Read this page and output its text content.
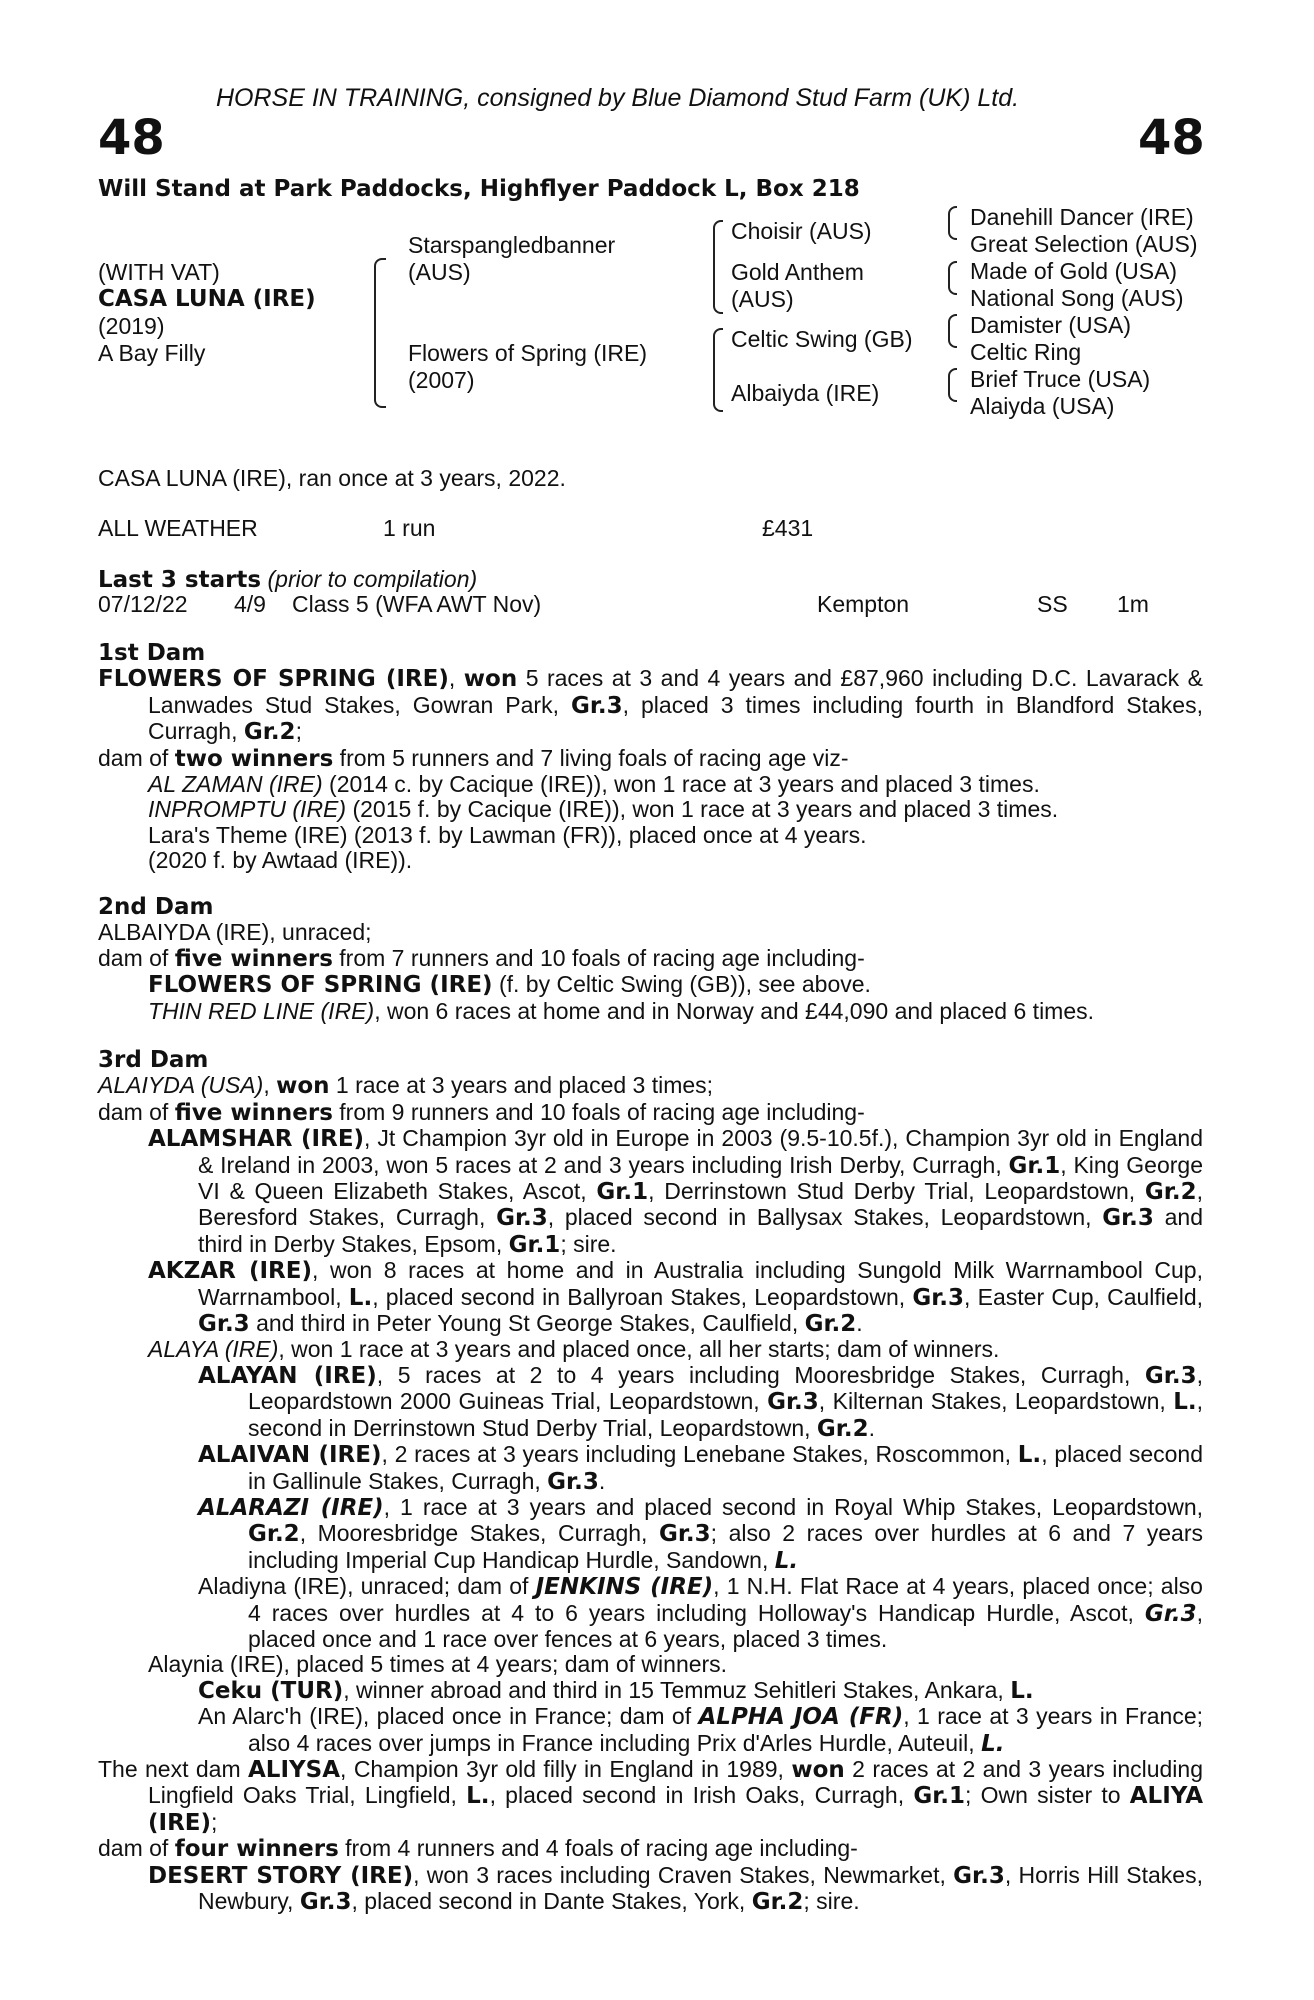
HORSE IN TRAINING, consigned by Blue Diamond Stud Farm (UK) Ltd.
48	48
Will Stand at Park Paddocks, Highflyer Paddock L, Box 218
(WITH VAT)
CASA LUNA (IRE)
(2019)
A Bay Filly
Starspangledbanner
(AUS)
Flowers of Spring (IRE)
(2007)
Choisir (AUS)
Gold Anthem
(AUS)
Celtic Swing (GB)
Albaiyda (IRE)
Danehill Dancer (IRE)
Great Selection (AUS)
Made of Gold (USA)
National Song (AUS)
Damister (USA)
Celtic Ring
Brief Truce (USA)
Alaiyda (USA)
CASA LUNA (IRE), ran once at 3 years, 2022.
ALL WEATHER	1 run	£431
Last 3 starts (prior to compilation)
07/12/22 4/9 Class 5 (WFA AWT Nov)	Kempton	SS 1m

1st Dam

FLOWERS OF SPRING (IRE), won 5 races at 3 and 4 years and £87,960 including D.C. Lavarack & Lanwades Stud Stakes, Gowran Park, Gr.3, placed 3 times including fourth in Blandford Stakes, Curragh, Gr.2;

dam of two winners from 5 runners and 7 living foals of racing age viz-

AL ZAMAN (IRE) (2014 c. by Cacique (IRE)), won 1 race at 3 years and placed 3 times.

INPROMPTU (IRE) (2015 f. by Cacique (IRE)), won 1 race at 3 years and placed 3 times.

Lara's Theme (IRE) (2013 f. by Lawman (FR)), placed once at 4 years.

(2020 f. by Awtaad (IRE)).

2nd Dam

ALBAIYDA (IRE), unraced;

dam of five winners from 7 runners and 10 foals of racing age including-

FLOWERS OF SPRING (IRE) (f. by Celtic Swing (GB)), see above.

THIN RED LINE (IRE), won 6 races at home and in Norway and £44,090 and placed 6 times.

3rd Dam

ALAIYDA (USA), won 1 race at 3 years and placed 3 times;

dam of five winners from 9 runners and 10 foals of racing age including-

ALAMSHAR (IRE), Jt Champion 3yr old in Europe in 2003 (9.5-10.5f.), Champion 3yr old in England & Ireland in 2003, won 5 races at 2 and 3 years including Irish Derby, Curragh, Gr.1, King George VI & Queen Elizabeth Stakes, Ascot, Gr.1, Derrinstown Stud Derby Trial, Leopardstown, Gr.2, Beresford Stakes, Curragh, Gr.3, placed second in Ballysax Stakes, Leopardstown, Gr.3 and third in Derby Stakes, Epsom, Gr.1; sire.

AKZAR (IRE), won 8 races at home and in Australia including Sungold Milk Warrnambool Cup, Warrnambool, L., placed second in Ballyroan Stakes, Leopardstown, Gr.3, Easter Cup, Caulfield, Gr.3 and third in Peter Young St George Stakes, Caulfield, Gr.2.

ALAYA (IRE), won 1 race at 3 years and placed once, all her starts; dam of winners.

ALAYAN (IRE), 5 races at 2 to 4 years including Mooresbridge Stakes, Curragh, Gr.3, Leopardstown 2000 Guineas Trial, Leopardstown, Gr.3, Kilternan Stakes, Leopardstown, L., second in Derrinstown Stud Derby Trial, Leopardstown, Gr.2.

ALAIVAN (IRE), 2 races at 3 years including Lenebane Stakes, Roscommon, L., placed second in Gallinule Stakes, Curragh, Gr.3.

ALARAZI (IRE), 1 race at 3 years and placed second in Royal Whip Stakes, Leopardstown, Gr.2, Mooresbridge Stakes, Curragh, Gr.3; also 2 races over hurdles at 6 and 7 years including Imperial Cup Handicap Hurdle, Sandown, L.

Aladiyna (IRE), unraced; dam of JENKINS (IRE), 1 N.H. Flat Race at 4 years, placed once; also 4 races over hurdles at 4 to 6 years including Holloway's Handicap Hurdle, Ascot, Gr.3, placed once and 1 race over fences at 6 years, placed 3 times.

Alaynia (IRE), placed 5 times at 4 years; dam of winners.

Ceku (TUR), winner abroad and third in 15 Temmuz Sehitleri Stakes, Ankara, L.

An Alarc'h (IRE), placed once in France; dam of ALPHA JOA (FR), 1 race at 3 years in France; also 4 races over jumps in France including Prix d'Arles Hurdle, Auteuil, L.

The next dam ALIYSA, Champion 3yr old filly in England in 1989, won 2 races at 2 and 3 years including Lingfield Oaks Trial, Lingfield, L., placed second in Irish Oaks, Curragh, Gr.1; Own sister to ALIYA (IRE);

dam of four winners from 4 runners and 4 foals of racing age including-

DESERT STORY (IRE), won 3 races including Craven Stakes, Newmarket, Gr.3, Horris Hill Stakes, Newbury, Gr.3, placed second in Dante Stakes, York, Gr.2; sire.
